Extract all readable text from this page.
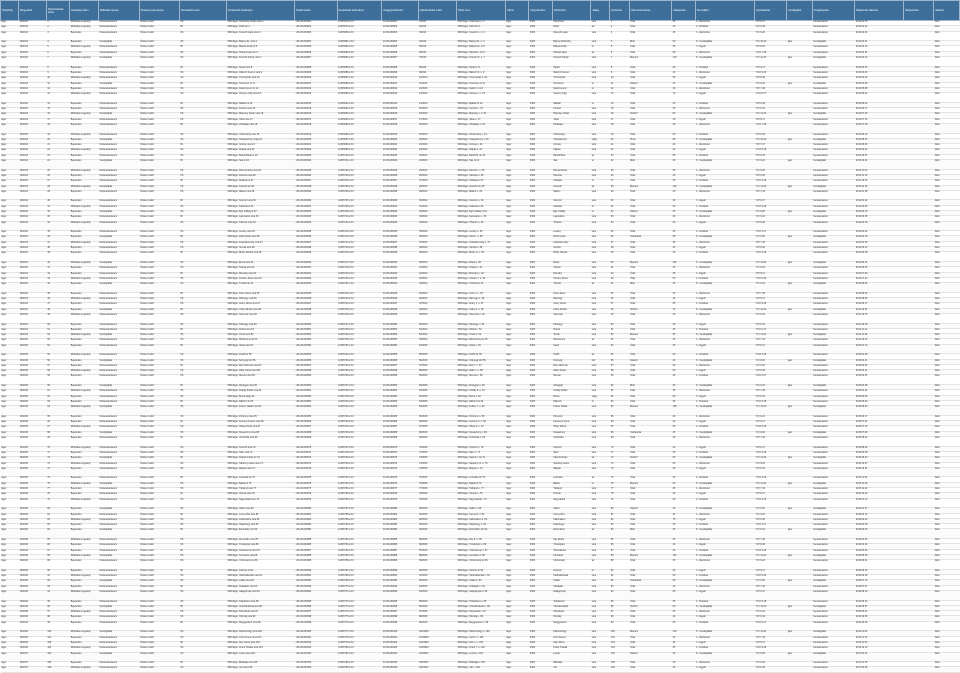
Telephely	Megyekód	Nyilvántartási szám	Hatósági szám	Működés típusa	Tevékenység típusa	Kereskedő neve	Kereskedő székhelye	Telefonszám	Kereskedő adószáma	Cégjegyzékszám	Nyilvántartási szám	Üzlet címe	Város	Irányítószám	Közterület	Jelleg	Házszám	Üzlet elnevezése	Alapterület	Termékkör	Nyitvatartás	Vendéglátó	Forgalmazás	Bejelentés dátuma	Megszűnés	Státusz
Eger	10/2013	1	Működési engedély	Kiskereskedelem	Üzleten belüli	Kft.	3300 Eger, Széchenyi István utca 1.	+36-36-000001	12345678-2-10	10-09-000001	1/2013	3300 Eger, Széchenyi u. 1.	Eger	3300	Széchenyi	utca	1	Üzlet	30	1 - Élelmiszer	H-P 8-17		Kereskedelem	2013.01.15		Aktív
Eger	10/2013	2	Működési engedély	Kiskereskedelem	Üzleten belüli	Bt.	3300 Eger, Dobó tér 2.	+36-36-000002	12345679-2-10	10-06-000002	2/2013	3300 Eger, Dobó tér 2.	Eger	3300	Dobó	tér	2	Üzlet	25	2 - Ruházat	H-P 9-18		Kereskedelem	2013.01.22		Aktív
Eger	10/2013	3	Bejelentés	Kiskereskedelem	Üzleten belüli	Kft.	3300 Eger, Kossuth Lajos utca 3.	+36-36-000003	12345680-2-10	10-09-000003	3/2013	3300 Eger, Kossuth L. u. 3.	Eger	3300	Kossuth Lajos	utca	3	Üzlet	45	1 - Élelmiszer	H-V 6-22		Kereskedelem	2013.02.04		Aktív
Eger	10/2013	4	Bejelentés	Vendéglátás	Üzleten belüli	Kft.	3300 Eger, Bajcsy-Zs. utca 4.	+36-36-000004	12345681-2-10	10-09-000004	4/2013	3300 Eger, Bajcsy-Zs. u. 4.	Eger	3300	Bajcsy-Zsilinszky	utca	4	Büfé	60	8 - Vendéglátás	H-V 10-22	Igen	Vendéglátás	2013.02.11		Aktív
Eger	10/2013	5	Működési engedély	Kiskereskedelem	Üzleten belüli	Bt.	3300 Eger, Mátyás király út 5.	+36-36-000005	12345682-2-10	10-06-000005	5/2013	3300 Eger, Mátyás kir. út 5.	Eger	3300	Mátyás király	út	5	Üzlet	35	3 - Egyéb	H-P 8-16		Kereskedelem	2013.02.19		Aktív
Eger	10/2013	6	Bejelentés	Kiskereskedelem	Üzleten belüli	Kft.	3300 Eger, Hatvani kapu tér 6.	+36-36-000006	12345683-2-10	10-09-000006	6/2013	3300 Eger, Hatvani k. tér 6.	Eger	3300	Hatvani kapu	tér	6	Üzlet	50	1 - Élelmiszer	H-Sz 7-19		Kereskedelem	2013.03.01		Aktív
Eger	10/2013	7	Működési engedély	Vendéglátás	Üzleten belüli	Kft.	3300 Eger, Knézich Károly utca 7.	+36-36-000007	12345684-2-10	10-09-000007	7/2013	3300 Eger, Knézich K. u. 7.	Eger	3300	Knézich Károly	utca	7	Étterem	120	8 - Vendéglátás	H-V 11-23	Igen	Vendéglátás	2013.03.12		Aktív
Eger	10/2013	8	Bejelentés	Kiskereskedelem	Üzleten belüli	Bt.	3300 Eger, Árpád utca 8.	+36-36-000008	12345685-2-10	10-06-000008	8/2013	3300 Eger, Árpád u. 8.	Eger	3300	Árpád	utca	8	Üzlet	20	2 - Ruházat	H-P 9-17		Kereskedelem	2013.03.25		Aktív
Eger	10/2013	9	Bejelentés	Kiskereskedelem	Üzleten belüli	Kft.	3300 Eger, Rákóczi Ferenc utca 9.	+36-36-000009	12345686-2-10	10-09-000009	9/2013	3300 Eger, Rákóczi F. u. 9.	Eger	3300	Rákóczi Ferenc	utca	9	Üzlet	40	1 - Élelmiszer	H-Sz 6-20		Kereskedelem	2013.04.03		Aktív
Eger	10/2013	10	Működési engedély	Kiskereskedelem	Üzleten belüli	Kft.	3300 Eger, Törvényház utca 10.	+36-36-000010	12345687-2-10	10-09-000010	10/2013	3300 Eger, Törvényház u. 10.	Eger	3300	Törvényház	utca	10	Üzlet	55	3 - Egyéb	H-P 8-18		Kereskedelem	2013.04.16		Aktív
Eger	10/2013	11	Bejelentés	Vendéglátás	Üzleten belüli	Bt.	3300 Eger, Szvorényi út 11.	+36-36-000011	12345688-2-10	10-06-000011	11/2013	3300 Eger, Szvorényi út 11.	Eger	3300	Szvorényi	út	11	Kávézó	40	8 - Vendéglátás	H-V 8-20	Igen	Vendéglátás	2013.04.29		Aktív
Eger	10/2013	12	Bejelentés	Kiskereskedelem	Üzleten belüli	Kft.	3300 Eger, Deák Ferenc út 12.	+36-36-000012	12345689-2-10	10-09-000012	12/2013	3300 Eger, Deák F. út 12.	Eger	3300	Deák Ferenc	út	12	Üzlet	30	1 - Élelmiszer	H-P 7-18		Kereskedelem	2013.05.08		Aktív
Eger	10/2013	13	Működési engedély	Kiskereskedelem	Üzleten belüli	Kft.	3300 Eger, Vécsey völgy utca 13.	+36-36-000013	12345690-2-10	10-09-000013	13/2013	3300 Eger, Vécsey v. u. 13.	Eger	3300	Vécsey völgy	utca	13	Üzlet	70	3 - Egyéb	H-Sz 8-17		Kereskedelem	2013.05.21		Aktív
Eger	10/2013	14	Bejelentés	Kiskereskedelem	Üzleten belüli	Bt.	3300 Eger, Maklári út 14.	+36-36-000014	12345691-2-10	10-06-000014	14/2013	3300 Eger, Maklári út 14.	Eger	3300	Maklári	út	14	Üzlet	25	2 - Ruházat	H-P 9-18		Kereskedelem	2013.06.04		Aktív
Eger	10/2013	15	Bejelentés	Kiskereskedelem	Üzleten belüli	Kft.	3300 Eger, Kertész utca 15.	+36-36-000015	12345692-2-10	10-09-000015	15/2013	3300 Eger, Kertész u. 15.	Eger	3300	Kertész	utca	15	Üzlet	35	1 - Élelmiszer	H-V 6-21		Kereskedelem	2013.06.17		Aktív
Eger	10/2013	16	Működési engedély	Vendéglátás	Üzleten belüli	Kft.	3300 Eger, Mekcsey István utca 16.	+36-36-000016	12345693-2-10	10-09-000016	16/2013	3300 Eger, Mekcsey I. u. 16.	Eger	3300	Mekcsey István	utca	16	Söröző	80	8 - Vendéglátás	H-V 12-24	Igen	Vendéglátás	2013.07.02		Aktív
Eger	10/2013	17	Bejelentés	Kiskereskedelem	Üzleten belüli	Kft.	3300 Eger, Jókai utca 17.	+36-36-000017	12345694-2-10	10-09-000017	17/2013	3300 Eger, Jókai u. 17.	Eger	3300	Jókai	utca	17	Üzlet	45	3 - Egyéb	H-P 8-17		Kereskedelem	2013.07.15		Aktív
Eger	10/2013	18	Bejelentés	Kiskereskedelem	Üzleten belüli	Bt.	3300 Eger, Cifrakapu utca 18.	+36-36-000018	12345695-2-10	10-06-000018	18/2013	3300 Eger, Cifrakapu u. 18.	Eger	3300	Cifrakapu	utca	18	Üzlet	30	1 - Élelmiszer	H-Sz 7-19		Kereskedelem	2013.07.29		Aktív
Eger	10/2013	19	Működési engedély	Kiskereskedelem	Üzleten belüli	Kft.	3300 Eger, Vörösmarty utca 19.	+36-36-000019	12345696-2-10	10-09-000019	19/2013	3300 Eger, Vörösmarty u. 19.	Eger	3300	Vörösmarty	utca	19	Üzlet	60	2 - Ruházat	H-P 9-18		Kereskedelem	2013.08.12		Aktív
Eger	10/2013	20	Bejelentés	Vendéglátás	Üzleten belüli	Kft.	3300 Eger, Szépasszony völgy 20.	+36-36-000020	12345697-2-10	10-09-000020	20/2013	3300 Eger, Szépasszony v. 20.	Eger	3300	Szépasszony	völgy	20	Pince	90	8 - Vendéglátás	H-V 10-22	Igen	Vendéglátás	2013.08.26		Aktív
Eger	10/2013	21	Bejelentés	Kiskereskedelem	Üzleten belüli	Bt.	3300 Eger, Grónay utca 21.	+36-36-000021	12345698-2-10	10-06-000021	21/2013	3300 Eger, Grónay u. 21.	Eger	3300	Grónay	utca	21	Üzlet	20	1 - Élelmiszer	H-P 7-17		Kereskedelem	2013.09.09		Aktív
Eger	10/2013	22	Működési engedély	Kiskereskedelem	Üzleten belüli	Kft.	3300 Eger, Klapka utca 22.	+36-36-000022	12345699-2-10	10-09-000022	22/2013	3300 Eger, Klapka u. 22.	Eger	3300	Klapka	utca	22	Üzlet	40	3 - Egyéb	H-Sz 8-18		Kereskedelem	2013.09.23		Aktív
Eger	10/2013	23	Bejelentés	Kiskereskedelem	Üzleten belüli	Kft.	3300 Eger, Bartók Béla tér 23.	+36-36-000023	12345700-2-10	10-09-000023	23/2013	3300 Eger, Bartók B. tér 23.	Eger	3300	Bartók Béla	tér	23	Üzlet	55	2 - Ruházat	H-P 9-19		Kereskedelem	2013.10.07		Aktív
Eger	10/2013	24	Bejelentés	Vendéglátás	Üzleten belüli	Bt.	3300 Eger, Sas út 24.	+36-36-000024	12345701-2-10	10-06-000024	24/2013	3300 Eger, Sas út 24.	Eger	3300	Sas	út	24	Büfé	30	8 - Vendéglátás	H-V 9-21	Igen	Vendéglátás	2013.10.21		Aktív
Eger	10/2013	25	Működési engedély	Kiskereskedelem	Üzleten belüli	Kft.	3300 Eger, Rózsa Károly utca 25.	+36-36-000025	12345702-2-10	10-09-000025	25/2013	3300 Eger, Rózsa K. u. 25.	Eger	3300	Rózsa Károly	utca	25	Üzlet	65	1 - Élelmiszer	H-V 6-22		Kereskedelem	2013.11.04		Aktív
Eger	10/2013	26	Bejelentés	Kiskereskedelem	Üzleten belüli	Kft.	3300 Eger, Pacsirta utca 26.	+36-36-000026	12345703-2-10	10-09-000026	26/2013	3300 Eger, Pacsirta u. 26.	Eger	3300	Pacsirta	utca	26	Üzlet	25	3 - Egyéb	H-P 8-16		Kereskedelem	2013.11.18		Aktív
Eger	10/2013	27	Bejelentés	Kiskereskedelem	Üzleten belüli	Bt.	3300 Eger, Kistályai út 27.	+36-36-000027	12345704-2-10	10-06-000027	27/2013	3300 Eger, Kistályai út 27.	Eger	3300	Kistályai	út	27	Üzlet	35	2 - Ruházat	H-Sz 9-18		Kereskedelem	2013.12.02		Aktív
Eger	10/2013	28	Működési engedély	Vendéglátás	Üzleten belüli	Kft.	3300 Eger, Kossuth tér 28.	+36-36-000028	12345705-2-10	10-09-000028	28/2013	3300 Eger, Kossuth tér 28.	Eger	3300	Kossuth	tér	28	Étterem	100	8 - Vendéglátás	H-V 11-23	Igen	Vendéglátás	2013.12.16		Aktív
Eger	10/2014	29	Bejelentés	Kiskereskedelem	Üzleten belüli	Kft.	3300 Eger, Malom utca 29.	+36-36-000029	12345706-2-10	10-09-000029	29/2014	3300 Eger, Malom u. 29.	Eger	3300	Malom	utca	29	Üzlet	40	1 - Élelmiszer	H-P 7-19		Kereskedelem	2014.01.08		Aktív
Eger	10/2014	30	Bejelentés	Kiskereskedelem	Üzleten belüli	Bt.	3300 Eger, Koszorú utca 30.	+36-36-000030	12345707-2-10	10-06-000030	30/2014	3300 Eger, Koszorú u. 30.	Eger	3300	Koszorú	utca	30	Üzlet	30	3 - Egyéb	H-P 8-17		Kereskedelem	2014.01.22		Aktív
Eger	10/2014	31	Működési engedély	Kiskereskedelem	Üzleten belüli	Kft.	3300 Eger, Faiskola út 31.	+36-36-000031	12345708-2-10	10-09-000031	31/2014	3300 Eger, Faiskola út 31.	Eger	3300	Faiskola	út	31	Üzlet	50	2 - Ruházat	H-Sz 9-18		Kereskedelem	2014.02.05		Aktív
Eger	10/2014	32	Bejelentés	Vendéglátás	Üzleten belüli	Kft.	3300 Eger, Egri Csillag út 32.	+36-36-000032	12345709-2-10	10-09-000032	32/2014	3300 Eger, Egri Csillag út 32.	Eger	3300	Egri Csillag	út	32	Kávézó	45	8 - Vendéglátás	H-V 8-20	Igen	Vendéglátás	2014.02.19		Aktív
Eger	10/2014	33	Bejelentés	Kiskereskedelem	Üzleten belüli	Bt.	3300 Eger, Lajosváros utca 33.	+36-36-000033	12345710-2-10	10-06-000033	33/2014	3300 Eger, Lajosváros u. 33.	Eger	3300	Lajosváros	utca	33	Üzlet	25	1 - Élelmiszer	H-V 6-21		Kereskedelem	2014.03.05		Aktív
Eger	10/2014	34	Működési engedély	Kiskereskedelem	Üzleten belüli	Kft.	3300 Eger, Tihamér utca 34.	+36-36-000034	12345711-2-10	10-09-000034	34/2014	3300 Eger, Tihamér u. 34.	Eger	3300	Tihamér	utca	34	Üzlet	60	3 - Egyéb	H-P 8-18		Kereskedelem	2014.03.19		Aktív
Eger	10/2014	35	Bejelentés	Kiskereskedelem	Üzleten belüli	Kft.	3300 Eger, Lenkey utca 35.	+36-36-000035	12345712-2-10	10-09-000035	35/2014	3300 Eger, Lenkey u. 35.	Eger	3300	Lenkey	utca	35	Üzlet	35	2 - Ruházat	H-Sz 9-17		Kereskedelem	2014.04.02		Aktív
Eger	10/2014	36	Bejelentés	Vendéglátás	Üzleten belüli	Bt.	3300 Eger, Dobó István utca 36.	+36-36-000036	12345713-2-10	10-06-000036	36/2014	3300 Eger, Dobó I. u. 36.	Eger	3300	Dobó István	utca	36	Cukrászda	55	8 - Vendéglátás	H-V 9-20	Igen	Vendéglátás	2014.04.16		Aktív
Eger	10/2014	37	Működési engedély	Kiskereskedelem	Üzleten belüli	Kft.	3300 Eger, Kolacskovszky utca 37.	+36-36-000037	12345714-2-10	10-09-000037	37/2014	3300 Eger, Kolacskovszky u. 37.	Eger	3300	Kolacskovszky	utca	37	Üzlet	45	1 - Élelmiszer	H-P 7-18		Kereskedelem	2014.04.30		Aktív
Eger	10/2014	38	Bejelentés	Kiskereskedelem	Üzleten belüli	Kft.	3300 Eger, Servita utca 38.	+36-36-000038	12345715-2-10	10-09-000038	38/2014	3300 Eger, Servita u. 38.	Eger	3300	Servita	utca	38	Üzlet	30	3 - Egyéb	H-P 8-16		Kereskedelem	2014.05.14		Aktív
Eger	10/2014	39	Bejelentés	Kiskereskedelem	Üzleten belüli	Bt.	3300 Eger, Bródy Sándor utca 39.	+36-36-000039	12345716-2-10	10-06-000039	39/2014	3300 Eger, Bródy S. u. 39.	Eger	3300	Bródy Sándor	utca	39	Üzlet	40	2 - Ruházat	H-Sz 9-18		Kereskedelem	2014.05.28		Aktív
Eger	10/2014	40	Működési engedély	Vendéglátás	Üzleten belüli	Kft.	3300 Eger, Érsek utca 40.	+36-36-000040	12345717-2-10	10-09-000040	40/2014	3300 Eger, Érsek u. 40.	Eger	3300	Érsek	utca	40	Étterem	110	8 - Vendéglátás	H-V 11-23	Igen	Vendéglátás	2014.06.11		Aktív
Eger	10/2014	41	Bejelentés	Kiskereskedelem	Üzleten belüli	Kft.	3300 Eger, Szarka utca 41.	+36-36-000041	12345718-2-10	10-09-000041	41/2014	3300 Eger, Szarka u. 41.	Eger	3300	Szarka	utca	41	Üzlet	25	1 - Élelmiszer	H-V 6-22		Kereskedelem	2014.06.25		Aktív
Eger	10/2014	42	Bejelentés	Kiskereskedelem	Üzleten belüli	Bt.	3300 Eger, Mocsáry utca 42.	+36-36-000042	12345719-2-10	10-06-000042	42/2014	3300 Eger, Mocsáry u. 42.	Eger	3300	Mocsáry	utca	42	Üzlet	35	3 - Egyéb	H-P 8-17		Kereskedelem	2014.07.09		Aktív
Eger	10/2014	43	Működési engedély	Kiskereskedelem	Üzleten belüli	Kft.	3300 Eger, Kovács János utca 43.	+36-36-000043	12345720-2-10	10-09-000043	43/2014	3300 Eger, Kovács J. u. 43.	Eger	3300	Kovács János	utca	43	Üzlet	50	2 - Ruházat	H-Sz 9-19		Kereskedelem	2014.07.23		Aktív
Eger	10/2014	44	Bejelentés	Vendéglátás	Üzleten belüli	Kft.	3300 Eger, Tűzoltó tér 44.	+36-36-000044	12345721-2-10	10-09-000044	44/2014	3300 Eger, Tűzoltó tér 44.	Eger	3300	Tűzoltó	tér	44	Büfé	35	8 - Vendéglátás	H-V 9-21	Igen	Vendéglátás	2014.08.06		Aktív
Eger	10/2014	45	Bejelentés	Kiskereskedelem	Üzleten belüli	Bt.	3300 Eger, Koós János utca 45.	+36-36-000045	12345722-2-10	10-06-000045	45/2014	3300 Eger, Koós J. u. 45.	Eger	3300	Koós János	utca	45	Üzlet	30	1 - Élelmiszer	H-P 7-18		Kereskedelem	2014.08.20		Aktív
Eger	10/2014	46	Működési engedély	Kiskereskedelem	Üzleten belüli	Kft.	3300 Eger, Ráchegy utca 46.	+36-36-000046	12345723-2-10	10-09-000046	46/2014	3300 Eger, Ráchegy u. 46.	Eger	3300	Ráchegy	utca	46	Üzlet	45	3 - Egyéb	H-P 8-17		Kereskedelem	2014.09.03		Aktív
Eger	10/2014	47	Bejelentés	Kiskereskedelem	Üzleten belüli	Kft.	3300 Eger, Arany János utca 47.	+36-36-000047	12345724-2-10	10-09-000047	47/2014	3300 Eger, Arany J. u. 47.	Eger	3300	Arany János	utca	47	Üzlet	55	2 - Ruházat	H-Sz 9-18		Kereskedelem	2014.09.17		Aktív
Eger	10/2014	48	Bejelentés	Vendéglátás	Üzleten belüli	Bt.	3300 Eger, Csiky Sándor utca 48.	+36-36-000048	12345725-2-10	10-06-000048	48/2014	3300 Eger, Csiky S. u. 48.	Eger	3300	Csiky Sándor	utca	48	Söröző	70	8 - Vendéglátás	H-V 12-24	Igen	Vendéglátás	2014.10.01		Aktív
Eger	10/2014	49	Működési engedély	Kiskereskedelem	Üzleten belüli	Kft.	3300 Eger, Tetemvár utca 49.	+36-36-000049	12345726-2-10	10-09-000049	49/2014	3300 Eger, Tetemvár u. 49.	Eger	3300	Tetemvár	utca	49	Üzlet	40	1 - Élelmiszer	H-V 6-21		Kereskedelem	2014.10.15		Aktív
Eger	10/2014	50	Bejelentés	Kiskereskedelem	Üzleten belüli	Kft.	3300 Eger, Hadnagy utca 50.	+36-36-000050	12345727-2-10	10-09-000050	50/2014	3300 Eger, Hadnagy u. 50.	Eger	3300	Hadnagy	utca	50	Üzlet	30	3 - Egyéb	H-P 8-16		Kereskedelem	2014.10.29		Aktív
Eger	10/2014	51	Bejelentés	Kiskereskedelem	Üzleten belüli	Bt.	3300 Eger, Dobsa utca 51.	+36-36-000051	12345728-2-10	10-06-000051	51/2014	3300 Eger, Dobsa u. 51.	Eger	3300	Dobsa	utca	51	Üzlet	25	2 - Ruházat	H-Sz 9-17		Kereskedelem	2014.11.12		Aktív
Eger	10/2014	52	Működési engedély	Vendéglátás	Üzleten belüli	Kft.	3300 Eger, Tinódi utca 52.	+36-36-000052	12345729-2-10	10-09-000052	52/2014	3300 Eger, Tinódi u. 52.	Eger	3300	Tinódi	utca	52	Étterem	95	8 - Vendéglátás	H-V 11-22	Igen	Vendéglátás	2014.11.26		Aktív
Eger	10/2014	53	Bejelentés	Kiskereskedelem	Üzleten belüli	Kft.	3300 Eger, Mindszenty tér 53.	+36-36-000053	12345730-2-10	10-09-000053	53/2014	3300 Eger, Mindszenty tér 53.	Eger	3300	Mindszenty	tér	53	Üzlet	45	1 - Élelmiszer	H-P 7-19		Kereskedelem	2014.12.10		Aktív
Eger	10/2015	54	Bejelentés	Kiskereskedelem	Üzleten belüli	Bt.	3300 Eger, Vasút utca 54.	+36-36-000054	12345731-2-10	10-06-000054	54/2015	3300 Eger, Vasút u. 54.	Eger	3300	Vasút	utca	54	Üzlet	35	3 - Egyéb	H-P 8-17		Kereskedelem	2015.01.14		Aktív
Eger	10/2015	55	Működési engedély	Kiskereskedelem	Üzleten belüli	Kft.	3300 Eger, Petőfi tér 55.	+36-36-000055	12345732-2-10	10-09-000055	55/2015	3300 Eger, Petőfi tér 55.	Eger	3300	Petőfi	tér	55	Üzlet	60	2 - Ruházat	H-Sz 9-18		Kereskedelem	2015.01.28		Aktív
Eger	10/2015	56	Bejelentés	Vendéglátás	Üzleten belüli	Kft.	3300 Eger, Szúnyog köz 56.	+36-36-000056	12345733-2-10	10-09-000056	56/2015	3300 Eger, Szúnyog köz 56.	Eger	3300	Szúnyog	köz	56	Kávézó	40	8 - Vendéglátás	H-V 8-20	Igen	Vendéglátás	2015.02.11		Aktív
Eger	10/2015	57	Bejelentés	Kiskereskedelem	Üzleten belüli	Bt.	3300 Eger, Bem tábornok utca 57.	+36-36-000057	12345734-2-10	10-06-000057	57/2015	3300 Eger, Bem t. u. 57.	Eger	3300	Bem tábornok	utca	57	Üzlet	30	1 - Élelmiszer	H-V 6-22		Kereskedelem	2015.02.25		Aktív
Eger	10/2015	58	Működési engedély	Kiskereskedelem	Üzleten belüli	Kft.	3300 Eger, Zalár József utca 58.	+36-36-000058	12345735-2-10	10-09-000058	58/2015	3300 Eger, Zalár J. u. 58.	Eger	3300	Zalár József	utca	58	Üzlet	50	3 - Egyéb	H-P 8-18		Kereskedelem	2015.03.11		Aktív
Eger	10/2015	59	Bejelentés	Kiskereskedelem	Üzleten belüli	Kft.	3300 Eger, Mecset utca 59.	+36-36-000059	12345736-2-10	10-09-000059	59/2015	3300 Eger, Mecset u. 59.	Eger	3300	Mecset	utca	59	Üzlet	25	2 - Ruházat	H-Sz 9-17		Kereskedelem	2015.03.25		Aktív
Eger	10/2015	60	Bejelentés	Vendéglátás	Üzleten belüli	Bt.	3300 Eger, Almagyar utca 60.	+36-36-000060	12345737-2-10	10-06-000060	60/2015	3300 Eger, Almagyar u. 60.	Eger	3300	Almagyar	utca	60	Büfé	30	8 - Vendéglátás	H-V 9-21	Igen	Vendéglátás	2015.04.08		Aktív
Eger	10/2015	61	Működési engedély	Kiskereskedelem	Üzleten belüli	Kft.	3300 Eger, Kodály Zoltán utca 61.	+36-36-000061	12345738-2-10	10-09-000061	61/2015	3300 Eger, Kodály Z. u. 61.	Eger	3300	Kodály Zoltán	utca	61	Üzlet	45	1 - Élelmiszer	H-P 7-18		Kereskedelem	2015.04.22		Aktív
Eger	10/2015	62	Bejelentés	Kiskereskedelem	Üzleten belüli	Kft.	3300 Eger, Berva völgy 62.	+36-36-000062	12345739-2-10	10-09-000062	62/2015	3300 Eger, Berva v. 62.	Eger	3300	Berva	völgy	62	Üzlet	80	3 - Egyéb	H-P 8-16		Kereskedelem	2015.05.06		Aktív
Eger	10/2015	63	Bejelentés	Kiskereskedelem	Üzleten belüli	Bt.	3300 Eger, Rákóczi út 63.	+36-36-000063	12345740-2-10	10-06-000063	63/2015	3300 Eger, Rákóczi út 63.	Eger	3300	Rákóczi	út	63	Üzlet	35	2 - Ruházat	H-Sz 9-18		Kereskedelem	2015.05.20		Aktív
Eger	10/2015	64	Működési engedély	Vendéglátás	Üzleten belüli	Kft.	3300 Eger, Fellner Jakab utca 64.	+36-36-000064	12345741-2-10	10-09-000064	64/2015	3300 Eger, Fellner J. u. 64.	Eger	3300	Fellner Jakab	utca	64	Étterem	105	8 - Vendéglátás	H-V 11-23	Igen	Vendéglátás	2015.06.03		Aktív
Eger	10/2015	65	Bejelentés	Kiskereskedelem	Üzleten belüli	Kft.	3300 Eger, Pozsonyi utca 65.	+36-36-000065	12345742-2-10	10-09-000065	65/2015	3300 Eger, Pozsonyi u. 65.	Eger	3300	Pozsonyi	utca	65	Üzlet	30	1 - Élelmiszer	H-V 6-21		Kereskedelem	2015.06.17		Aktív
Eger	10/2015	66	Bejelentés	Kiskereskedelem	Üzleten belüli	Bt.	3300 Eger, Kemény Ferenc utca 66.	+36-36-000066	12345743-2-10	10-06-000066	66/2015	3300 Eger, Kemény F. u. 66.	Eger	3300	Kemény Ferenc	utca	66	Üzlet	40	3 - Egyéb	H-P 8-17		Kereskedelem	2015.07.01		Aktív
Eger	10/2015	67	Működési engedély	Kiskereskedelem	Üzleten belüli	Kft.	3300 Eger, Hibay Károly utca 67.	+36-36-000067	12345744-2-10	10-09-000067	67/2015	3300 Eger, Hibay K. u. 67.	Eger	3300	Hibay Károly	utca	67	Üzlet	55	2 - Ruházat	H-Sz 9-19		Kereskedelem	2015.07.15		Aktív
Eger	10/2015	68	Bejelentés	Vendéglátás	Üzleten belüli	Kft.	3300 Eger, Kisasszony utca 68.	+36-36-000068	12345745-2-10	10-09-000068	68/2015	3300 Eger, Kisasszony u. 68.	Eger	3300	Kisasszony	utca	68	Cukrászda	45	8 - Vendéglátás	H-V 9-20	Igen	Vendéglátás	2015.07.29		Aktív
Eger	10/2015	69	Bejelentés	Kiskereskedelem	Üzleten belüli	Bt.	3300 Eger, Verőszala utca 69.	+36-36-000069	12345746-2-10	10-06-000069	69/2015	3300 Eger, Verőszala u. 69.	Eger	3300	Verőszala	utca	69	Üzlet	25	1 - Élelmiszer	H-P 7-18		Kereskedelem	2015.08.12		Aktív
Eger	10/2015	70	Működési engedély	Kiskereskedelem	Üzleten belüli	Kft.	3300 Eger, Knézich utca 70.	+36-36-000070	12345747-2-10	10-09-000070	70/2015	3300 Eger, Knézich u. 70.	Eger	3300	Knézich	utca	70	Üzlet	40	3 - Egyéb	H-P 8-17		Kereskedelem	2015.08.26		Aktív
Eger	10/2015	71	Bejelentés	Kiskereskedelem	Üzleten belüli	Kft.	3300 Eger, Sánc utca 71.	+36-36-000071	12345748-2-10	10-09-000071	71/2015	3300 Eger, Sánc u. 71.	Eger	3300	Sánc	utca	71	Üzlet	35	2 - Ruházat	H-Sz 9-18		Kereskedelem	2015.09.09		Aktív
Eger	10/2015	72	Bejelentés	Vendéglátás	Üzleten belüli	Bt.	3300 Eger, Katona István tér 72.	+36-36-000072	12345749-2-10	10-06-000072	72/2015	3300 Eger, Katona I. tér 72.	Eger	3300	Katona István	tér	72	Söröző	65	8 - Vendéglátás	H-V 12-24	Igen	Vendéglátás	2015.09.23		Aktív
Eger	10/2015	73	Működési engedély	Kiskereskedelem	Üzleten belüli	Kft.	3300 Eger, Gárdonyi Géza utca 73.	+36-36-000073	12345750-2-10	10-09-000073	73/2015	3300 Eger, Gárdonyi G. u. 73.	Eger	3300	Gárdonyi Géza	utca	73	Üzlet	50	1 - Élelmiszer	H-V 6-22		Kereskedelem	2015.10.07		Aktív
Eger	10/2015	74	Bejelentés	Kiskereskedelem	Üzleten belüli	Kft.	3300 Eger, Mátyás utca 74.	+36-36-000074	12345751-2-10	10-09-000074	74/2015	3300 Eger, Mátyás u. 74.	Eger	3300	Mátyás	utca	74	Üzlet	30	3 - Egyéb	H-P 8-16		Kereskedelem	2015.10.21		Aktív
Eger	10/2015	75	Bejelentés	Kiskereskedelem	Üzleten belüli	Bt.	3300 Eger, Ludovika tér 75.	+36-36-000075	12345752-2-10	10-06-000075	75/2015	3300 Eger, Ludovika tér 75.	Eger	3300	Ludovika	tér	75	Üzlet	45	2 - Ruházat	H-Sz 9-18		Kereskedelem	2015.11.04		Aktív
Eger	10/2015	76	Működési engedély	Vendéglátás	Üzleten belüli	Kft.	3300 Eger, Baktai út 76.	+36-36-000076	12345753-2-10	10-09-000076	76/2015	3300 Eger, Baktai út 76.	Eger	3300	Baktai	út	76	Étterem	90	8 - Vendéglátás	H-V 11-22	Igen	Vendéglátás	2015.11.18		Aktív
Eger	10/2015	77	Bejelentés	Kiskereskedelem	Üzleten belüli	Kft.	3300 Eger, Tárkányi utca 77.	+36-36-000077	12345754-2-10	10-09-000077	77/2015	3300 Eger, Tárkányi u. 77.	Eger	3300	Tárkányi	utca	77	Üzlet	35	1 - Élelmiszer	H-P 7-19		Kereskedelem	2015.12.02		Aktív
Eger	10/2015	78	Bejelentés	Kiskereskedelem	Üzleten belüli	Bt.	3300 Eger, Homok utca 78.	+36-36-000078	12345755-2-10	10-06-000078	78/2015	3300 Eger, Homok u. 78.	Eger	3300	Homok	utca	78	Üzlet	25	3 - Egyéb	H-P 8-17		Kereskedelem	2015.12.16		Aktív
Eger	10/2016	79	Működési engedély	Kiskereskedelem	Üzleten belüli	Kft.	3300 Eger, Nagyváradi utca 79.	+36-36-000079	12345756-2-10	10-09-000079	79/2016	3300 Eger, Nagyváradi u. 79.	Eger	3300	Nagyváradi	utca	79	Üzlet	60	2 - Ruházat	H-Sz 9-18		Kereskedelem	2016.01.13		Aktív
Eger	10/2016	80	Bejelentés	Vendéglátás	Üzleten belüli	Kft.	3300 Eger, Vallon utca 80.	+36-36-000080	12345757-2-10	10-09-000080	80/2016	3300 Eger, Vallon u. 80.	Eger	3300	Vallon	utca	80	Kávézó	40	8 - Vendéglátás	H-V 8-20	Igen	Vendéglátás	2016.01.27		Aktív
Eger	10/2016	81	Bejelentés	Kiskereskedelem	Üzleten belüli	Bt.	3300 Eger, Cecey Éva utca 81.	+36-36-000081	12345758-2-10	10-06-000081	81/2016	3300 Eger, Cecey É. u. 81.	Eger	3300	Cecey Éva	utca	81	Üzlet	30	1 - Élelmiszer	H-V 6-21		Kereskedelem	2016.02.10		Aktív
Eger	10/2016	82	Működési engedély	Kiskereskedelem	Üzleten belüli	Kft.	3300 Eger, Kallómalom utca 82.	+36-36-000082	12345759-2-10	10-09-000082	82/2016	3300 Eger, Kallómalom u. 82.	Eger	3300	Kallómalom	utca	82	Üzlet	75	3 - Egyéb	H-P 8-18		Kereskedelem	2016.02.24		Aktív
Eger	10/2016	83	Bejelentés	Kiskereskedelem	Üzleten belüli	Kft.	3300 Eger, Hajdúhegy utca 83.	+36-36-000083	12345760-2-10	10-09-000083	83/2016	3300 Eger, Hajdúhegy u. 83.	Eger	3300	Hajdúhegy	utca	83	Üzlet	35	2 - Ruházat	H-Sz 9-17		Kereskedelem	2016.03.09		Aktív
Eger	10/2016	84	Bejelentés	Vendéglátás	Üzleten belüli	Bt.	3300 Eger, Eszterházy tér 84.	+36-36-000084	12345761-2-10	10-06-000084	84/2016	3300 Eger, Eszterházy tér 84.	Eger	3300	Eszterházy	tér	84	Büfé	35	8 - Vendéglátás	H-V 9-21	Igen	Vendéglátás	2016.03.23		Aktív
Eger	10/2016	85	Működési engedély	Kiskereskedelem	Üzleten belüli	Kft.	3300 Eger, Ady Endre utca 85.	+36-36-000085	12345762-2-10	10-09-000085	85/2016	3300 Eger, Ady E. u. 85.	Eger	3300	Ady Endre	utca	85	Üzlet	45	1 - Élelmiszer	H-P 7-18		Kereskedelem	2016.04.06		Aktív
Eger	10/2016	86	Bejelentés	Kiskereskedelem	Üzleten belüli	Kft.	3300 Eger, Tündérpart utca 86.	+36-36-000086	12345763-2-10	10-09-000086	86/2016	3300 Eger, Tündérpart u. 86.	Eger	3300	Tündérpart	utca	86	Üzlet	30	3 - Egyéb	H-P 8-16		Kereskedelem	2016.04.20		Aktív
Eger	10/2016	87	Bejelentés	Kiskereskedelem	Üzleten belüli	Bt.	3300 Eger, Szövetkezet utca 87.	+36-36-000087	12345764-2-10	10-06-000087	87/2016	3300 Eger, Szövetkezet u. 87.	Eger	3300	Szövetkezet	utca	87	Üzlet	40	2 - Ruházat	H-Sz 9-18		Kereskedelem	2016.05.04		Aktív
Eger	10/2016	88	Működési engedély	Vendéglátás	Üzleten belüli	Kft.	3300 Eger, Kertváros utca 88.	+36-36-000088	12345765-2-10	10-09-000088	88/2016	3300 Eger, Kertváros u. 88.	Eger	3300	Kertváros	utca	88	Étterem	115	8 - Vendéglátás	H-V 11-23	Igen	Vendéglátás	2016.05.18		Aktív
Eger	10/2016	89	Bejelentés	Kiskereskedelem	Üzleten belüli	Kft.	3300 Eger, Vörösmarty tér 89.	+36-36-000089	12345766-2-10	10-09-000089	89/2016	3300 Eger, Vörösmarty tér 89.	Eger	3300	Vörösmarty	tér	89	Üzlet	35	1 - Élelmiszer	H-V 6-22		Kereskedelem	2016.06.01		Aktív
Eger	10/2016	90	Bejelentés	Kiskereskedelem	Üzleten belüli	Bt.	3300 Eger, Ostoros út 90.	+36-36-000090	12345767-2-10	10-06-000090	90/2016	3300 Eger, Ostoros út 90.	Eger	3300	Ostoros	út	90	Üzlet	25	3 - Egyéb	H-P 8-17		Kereskedelem	2016.06.15		Aktív
Eger	10/2016	91	Működési engedély	Kiskereskedelem	Üzleten belüli	Kft.	3300 Eger, Hadirokkantak utca 91.	+36-36-000091	12345768-2-10	10-09-000091	91/2016	3300 Eger, Hadirokkantak u. 91.	Eger	3300	Hadirokkantak	utca	91	Üzlet	50	2 - Ruházat	H-Sz 9-19		Kereskedelem	2016.06.29		Aktív
Eger	10/2016	92	Bejelentés	Vendéglátás	Üzleten belüli	Kft.	3300 Eger, Csákó utca 92.	+36-36-000092	12345769-2-10	10-09-000092	92/2016	3300 Eger, Csákó u. 92.	Eger	3300	Csákó	utca	92	Cukrászda	50	8 - Vendéglátás	H-V 9-20	Igen	Vendéglátás	2016.07.13		Aktív
Eger	10/2016	93	Bejelentés	Kiskereskedelem	Üzleten belüli	Bt.	3300 Eger, Szalapart utca 93.	+36-36-000093	12345770-2-10	10-06-000093	93/2016	3300 Eger, Szalapart u. 93.	Eger	3300	Szalapart	utca	93	Üzlet	30	1 - Élelmiszer	H-P 7-18		Kereskedelem	2016.07.27		Aktív
Eger	10/2016	94	Működési engedély	Kiskereskedelem	Üzleten belüli	Kft.	3300 Eger, Galagonyás utca 94.	+36-36-000094	12345771-2-10	10-09-000094	94/2016	3300 Eger, Galagonyás u. 94.	Eger	3300	Galagonyás	utca	94	Üzlet	65	3 - Egyéb	H-P 8-17		Kereskedelem	2016.08.10		Aktív
Eger	10/2016	95	Bejelentés	Kiskereskedelem	Üzleten belüli	Kft.	3300 Eger, Tulipánkert utca 95.	+36-36-000095	12345772-2-10	10-09-000095	95/2016	3300 Eger, Tulipánkert u. 95.	Eger	3300	Tulipánkert	utca	95	Üzlet	35	2 - Ruházat	H-Sz 9-18		Kereskedelem	2016.08.24		Aktív
Eger	10/2016	96	Bejelentés	Vendéglátás	Üzleten belüli	Bt.	3300 Eger, Vincellériskola utca 96.	+36-36-000096	12345773-2-10	10-06-000096	96/2016	3300 Eger, Vincellériskola u. 96.	Eger	3300	Vincellériskola	utca	96	Söröző	60	8 - Vendéglátás	H-V 12-24	Igen	Vendéglátás	2016.09.07		Aktív
Eger	10/2016	97	Működési engedély	Kiskereskedelem	Üzleten belüli	Kft.	3300 Eger, Kőlyuktető utca 97.	+36-36-000097	12345774-2-10	10-09-000097	97/2016	3300 Eger, Kőlyuktető u. 97.	Eger	3300	Kőlyuktető	utca	97	Üzlet	45	1 - Élelmiszer	H-V 6-21		Kereskedelem	2016.09.21		Aktív
Eger	10/2016	98	Bejelentés	Kiskereskedelem	Üzleten belüli	Kft.	3300 Eger, Hóvirág utca 98.	+36-36-000098	12345775-2-10	10-09-000098	98/2016	3300 Eger, Hóvirág u. 98.	Eger	3300	Hóvirág	utca	98	Üzlet	30	3 - Egyéb	H-P 8-16		Kereskedelem	2016.10.05		Aktív
Eger	10/2016	99	Bejelentés	Kiskereskedelem	Üzleten belüli	Bt.	3300 Eger, Meggyeskert utca 99.	+36-36-000099	12345776-2-10	10-06-000099	99/2016	3300 Eger, Meggyeskert u. 99.	Eger	3300	Meggyeskert	utca	99	Üzlet	25	2 - Ruházat	H-Sz 9-17		Kereskedelem	2016.10.19		Aktív
Eger	10/2016	100	Működési engedély	Vendéglátás	Üzleten belüli	Kft.	3300 Eger, Pásztorvölgy utca 100.	+36-36-000100	12345777-2-10	10-09-000100	100/2016	3300 Eger, Pásztorvölgy u. 100.	Eger	3300	Pásztorvölgy	utca	100	Étterem	100	8 - Vendéglátás	H-V 11-22	Igen	Vendéglátás	2016.11.02		Aktív
Eger	10/2016	101	Bejelentés	Kiskereskedelem	Üzleten belüli	Kft.	3300 Eger, Liszt Ferenc utca 101.	+36-36-000101	12345778-2-10	10-09-000101	101/2016	3300 Eger, Liszt F. u. 101.	Eger	3300	Liszt Ferenc	utca	101	Üzlet	40	1 - Élelmiszer	H-P 7-19		Kereskedelem	2016.11.16		Aktív
Eger	10/2016	102	Bejelentés	Kiskereskedelem	Üzleten belüli	Bt.	3300 Eger, Kiss János utca 102.	+36-36-000102	12345779-2-10	10-06-000102	102/2016	3300 Eger, Kiss J. u. 102.	Eger	3300	Kiss János	utca	102	Üzlet	35	3 - Egyéb	H-P 8-17		Kereskedelem	2016.11.30		Aktív
Eger	10/2016	103	Működési engedély	Kiskereskedelem	Üzleten belüli	Kft.	3300 Eger, Frank Tivadar utca 103.	+36-36-000103	12345780-2-10	10-09-000103	103/2016	3300 Eger, Frank T. u. 103.	Eger	3300	Frank Tivadar	utca	103	Üzlet	55	2 - Ruházat	H-Sz 9-18		Kereskedelem	2016.12.14		Aktív
Eger	10/2017	104	Bejelentés	Vendéglátás	Üzleten belüli	Kft.	3300 Eger, Lesrét utca 104.	+36-36-000104	12345781-2-10	10-09-000104	104/2017	3300 Eger, Lesrét u. 104.	Eger	3300	Lesrét	utca	104	Kávézó	45	8 - Vendéglátás	H-V 8-20	Igen	Vendéglátás	2017.01.11		Aktív
Eger	10/2017	105	Bejelentés	Kiskereskedelem	Üzleten belüli	Bt.	3300 Eger, Bükkalja utca 105.	+36-36-000105	12345782-2-10	10-06-000105	105/2017	3300 Eger, Bükkalja u. 105.	Eger	3300	Bükkalja	utca	105	Üzlet	30	1 - Élelmiszer	H-V 6-22		Kereskedelem	2017.01.25		Aktív
Eger	10/2017	106	Működési engedély	Kiskereskedelem	Üzleten belüli	Kft.	3300 Eger, Vár utca 106.	+36-36-000106	12345783-2-10	10-09-000106	106/2017	3300 Eger, Vár u. 106.	Eger	3300	Vár	utca	106	Üzlet	40	3 - Egyéb	H-P 8-18		Kereskedelem	2017.02.08		Aktív
